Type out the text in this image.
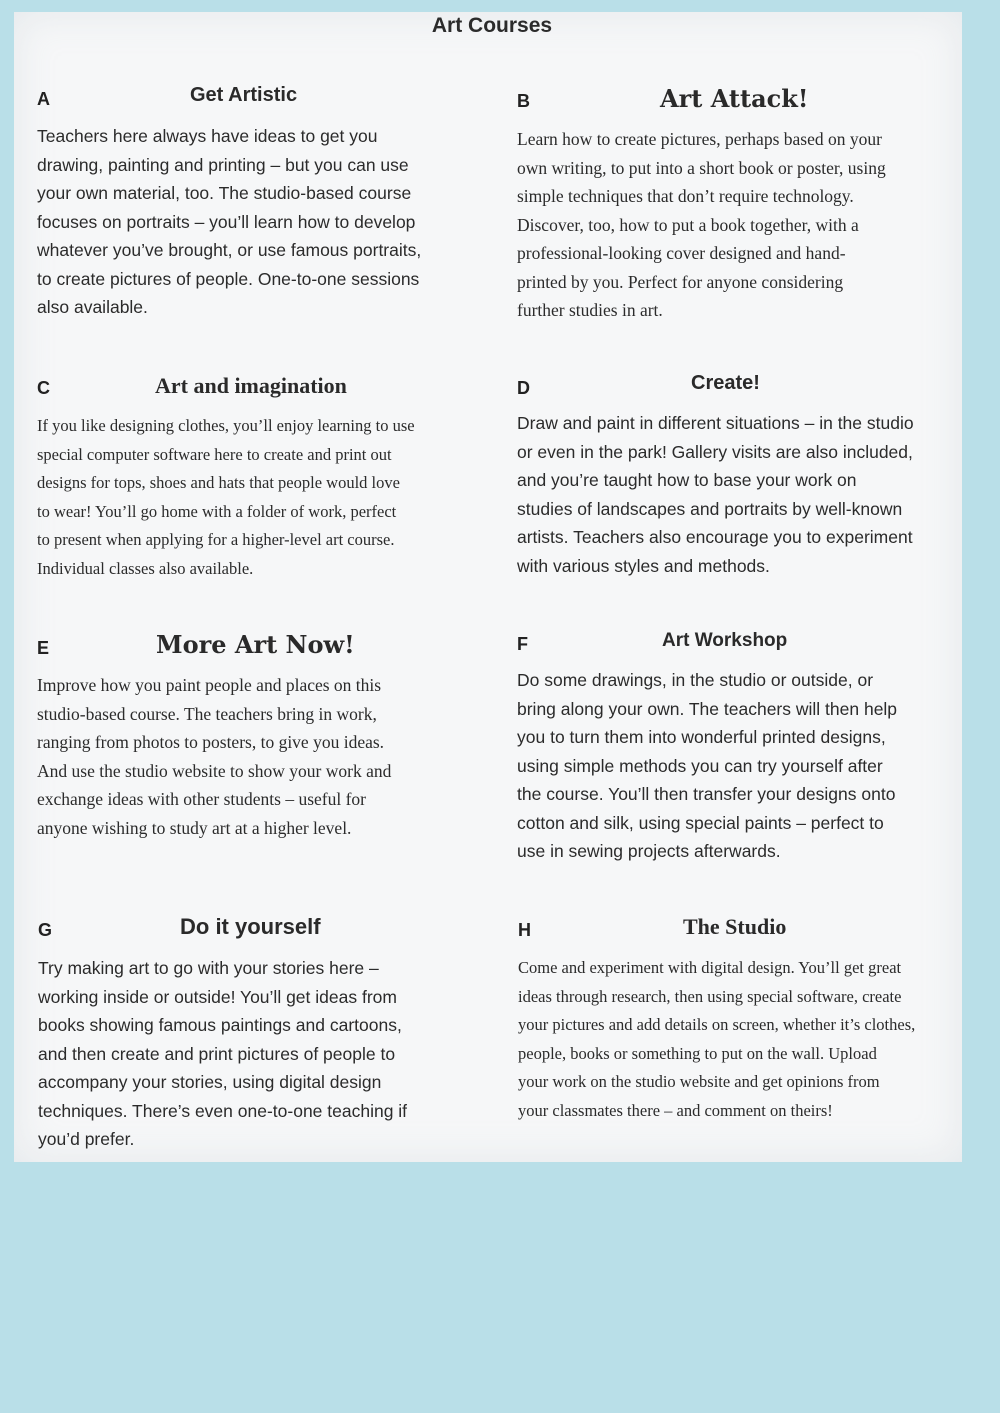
Art Courses
A	Get Artistic
Teachers here always have ideas to get you
drawing, painting and printing – but you can use
your own material, too. The studio-based course
focuses on portraits – you’ll learn how to develop
whatever you’ve brought, or use famous portraits,
to create pictures of people. One-to-one sessions
also available.
B	Art Attack!
Learn how to create pictures, perhaps based on your
own writing, to put into a short book or poster, using
simple techniques that don’t require technology.
Discover, too, how to put a book together, with a
professional-looking cover designed and hand-
printed by you. Perfect for anyone considering
further studies in art.
C	Art and imagination
If you like designing clothes, you’ll enjoy learning to use
special computer software here to create and print out
designs for tops, shoes and hats that people would love
to wear! You’ll go home with a folder of work, perfect
to present when applying for a higher-level art course.
Individual classes also available.
D	Create!
Draw and paint in different situations – in the studio
or even in the park! Gallery visits are also included,
and you’re taught how to base your work on
studies of landscapes and portraits by well-known
artists. Teachers also encourage you to experiment
with various styles and methods.
E	More Art Now!
Improve how you paint people and places on this
studio-based course. The teachers bring in work,
ranging from photos to posters, to give you ideas.
And use the studio website to show your work and
exchange ideas with other students – useful for
anyone wishing to study art at a higher level.
F	Art Workshop
Do some drawings, in the studio or outside, or
bring along your own. The teachers will then help
you to turn them into wonderful printed designs,
using simple methods you can try yourself after
the course. You’ll then transfer your designs onto
cotton and silk, using special paints – perfect to
use in sewing projects afterwards.
G	Do it yourself
Try making art to go with your stories here –
working inside or outside! You’ll get ideas from
books showing famous paintings and cartoons,
and then create and print pictures of people to
accompany your stories, using digital design
techniques. There’s even one-to-one teaching if
you’d prefer.
H	The Studio
Come and experiment with digital design. You’ll get great
ideas through research, then using special software, create
your pictures and add details on screen, whether it’s clothes,
people, books or something to put on the wall. Upload
your work on the studio website and get opinions from
your classmates there – and comment on theirs!
